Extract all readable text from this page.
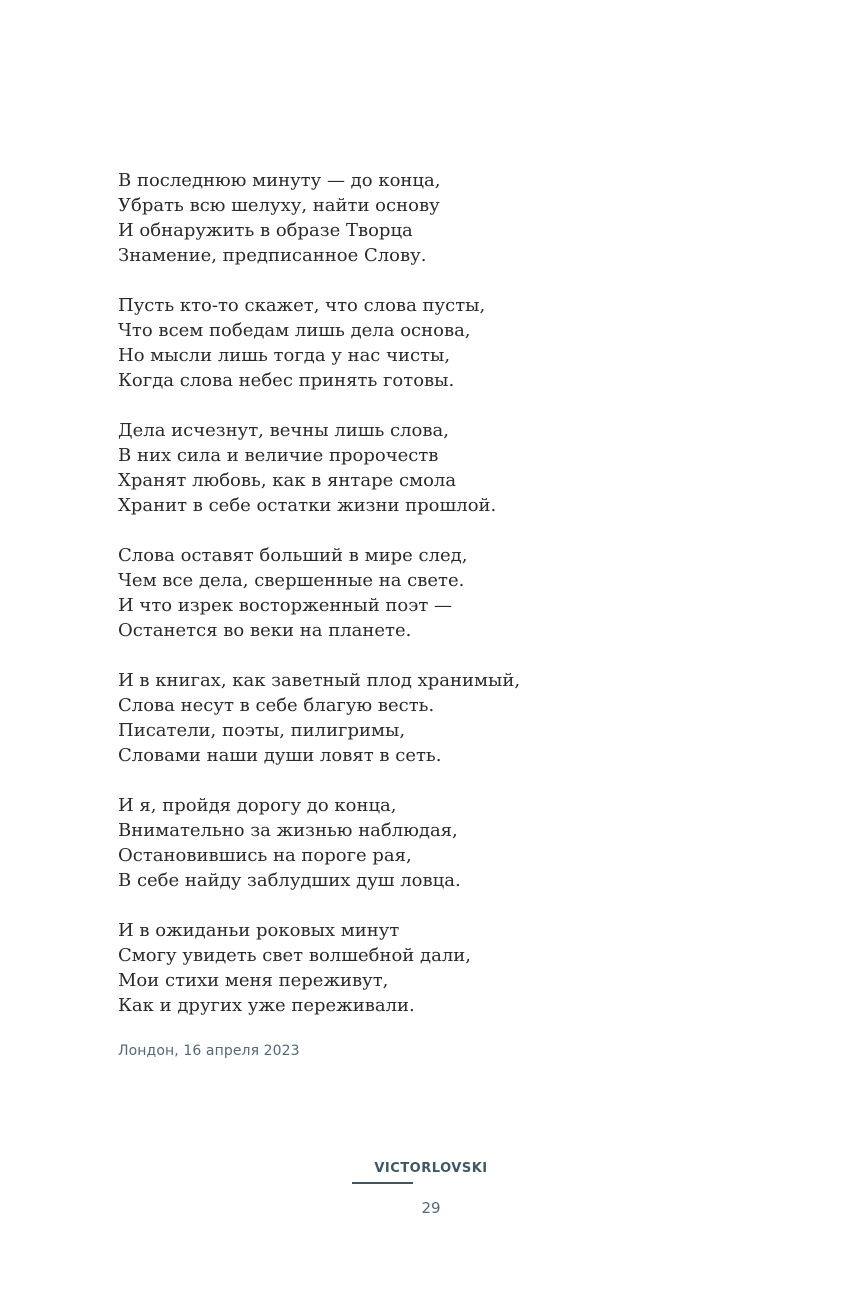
В последнюю минуту — до конца,
Убрать всю шелуху, найти основу
И обнаружить в образе Творца
Знамение, предписанное Слову.
Пусть кто-то скажет, что слова пусты,
Что всем победам лишь дела основа,
Но мысли лишь тогда у нас чисты,
Когда слова небес принять готовы.
Дела исчезнут, вечны лишь слова,
В них сила и величие пророчеств
Хранят любовь, как в янтаре смола
Хранит в себе остатки жизни прошлой.
Слова оставят больший в мире след,
Чем все дела, свершенные на свете.
И что изрек восторженный поэт —
Останется во веки на планете.
И в книгах, как заветный плод хранимый,
Слова несут в себе благую весть.
Писатели, поэты, пилигримы,
Словами наши души ловят в сеть.
И я, пройдя дорогу до конца,
Внимательно за жизнью наблюдая,
Остановившись на пороге рая,
В себе найду заблудших душ ловца.
И в ожиданьи роковых минут
Смогу увидеть свет волшебной дали,
Мои стихи меня переживут,
Как и других уже переживали.
Лондон, 16 апреля 2023
VICTORLOVSKI
29
